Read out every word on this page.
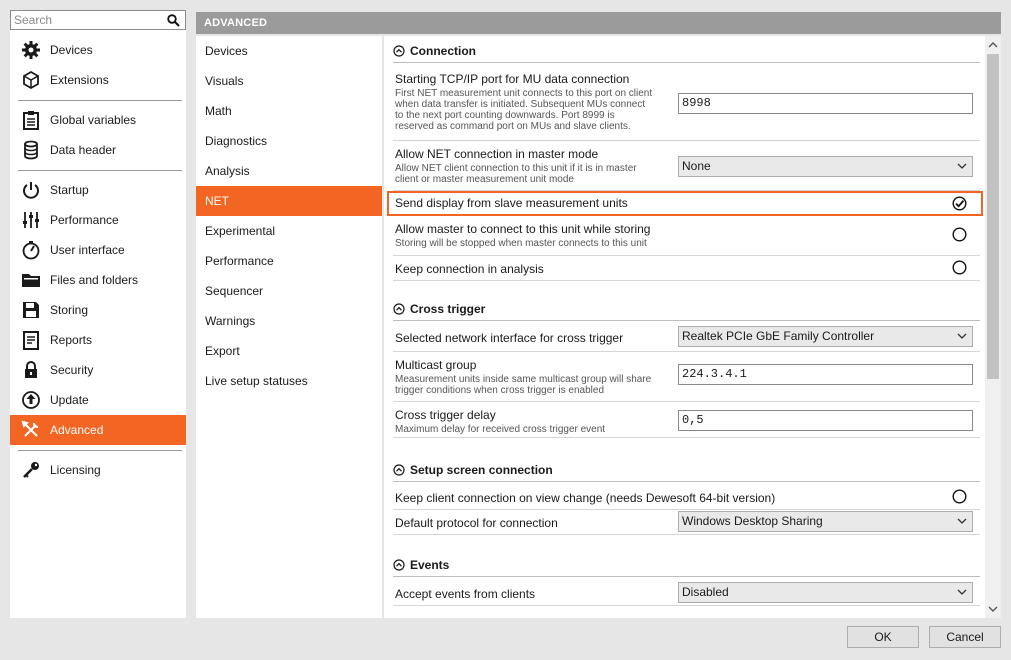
Search
Devices
Extensions
Global variables
Data header
Startup
Performance
User interface
Files and folders
Storing
Reports
Security
Update
Advanced
Licensing
ADVANCED
Devices
Visuals
Math
Diagnostics
Analysis
NET
Experimental
Performance
Sequencer
Warnings
Export
Live setup statuses
Connection
Starting TCP/IP port for MU data connection
First NET measurement unit connects to this port on client when data transfer is initiated. Subsequent MUs connect to the next port counting downwards. Port 8999 is reserved as command port on MUs and slave clients.
8998
Allow NET connection in master mode
Allow NET client connection to this unit if it is in master client or master measurement unit mode
None
Send display from slave measurement units
Allow master to connect to this unit while storing
Storing will be stopped when master connects to this unit
Keep connection in analysis
Cross trigger
Selected network interface for cross trigger	Realtek PCIe GbE Family Controller
Multicast group
Measurement units inside same multicast group will share trigger conditions when cross trigger is enabled
224.3.4.1
Cross trigger delay
Maximum delay for received cross trigger event
0,5
Setup screen connection
Keep client connection on view change (needs Dewesoft 64-bit version)
Default protocol for connection	Windows Desktop Sharing
Events
Accept events from clients	Disabled
OK	Cancel
